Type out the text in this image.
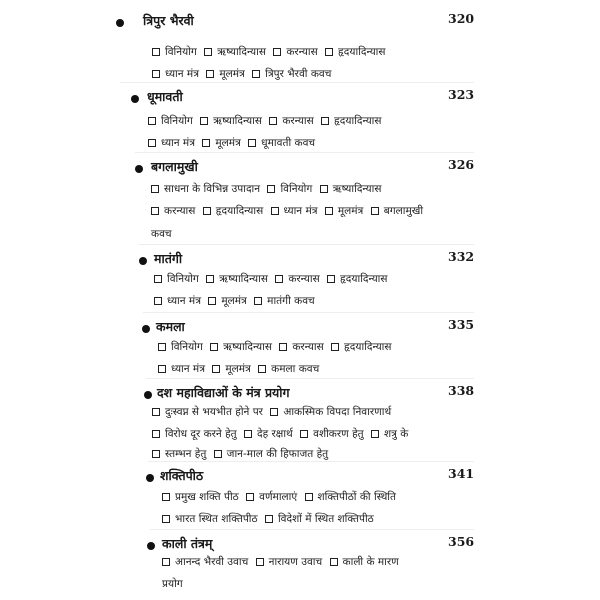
त्रिपुर भैरवी	320
विनियोग ऋष्यादिन्यास करन्यास हृदयादिन्यास
ध्यान मंत्र मूलमंत्र त्रिपुर भैरवी कवच
धूमावती	323
विनियोग ऋष्यादिन्यास करन्यास हृदयादिन्यास
ध्यान मंत्र मूलमंत्र धूमावती कवच
बगलामुखी	326
साधना के विभिन्न उपादान विनियोग ऋष्यादिन्यास
करन्यास हृदयादिन्यास ध्यान मंत्र मूलमंत्र बगलामुखी
कवच
मातंगी	332
विनियोग ऋष्यादिन्यास करन्यास हृदयादिन्यास
ध्यान मंत्र मूलमंत्र मातंगी कवच
कमला	335
विनियोग ऋष्यादिन्यास करन्यास हृदयादिन्यास
ध्यान मंत्र मूलमंत्र कमला कवच
दश महाविद्याओं के मंत्र प्रयोग	338
दुःस्वप्न से भयभीत होने पर आकस्मिक विपदा निवारणार्थ
विरोध दूर करने हेतु देह रक्षार्थ वशीकरण हेतु शत्रु के
स्तम्भन हेतु जान-माल की हिफाजत हेतु
शक्तिपीठ	341
प्रमुख शक्ति पीठ वर्णमालाएं शक्तिपीठों की स्थिति
भारत स्थित शक्तिपीठ विदेशों में स्थित शक्तिपीठ
काली तंत्रम्	356
आनन्द भैरवी उवाच नारायण उवाच काली के मारण
प्रयोग
